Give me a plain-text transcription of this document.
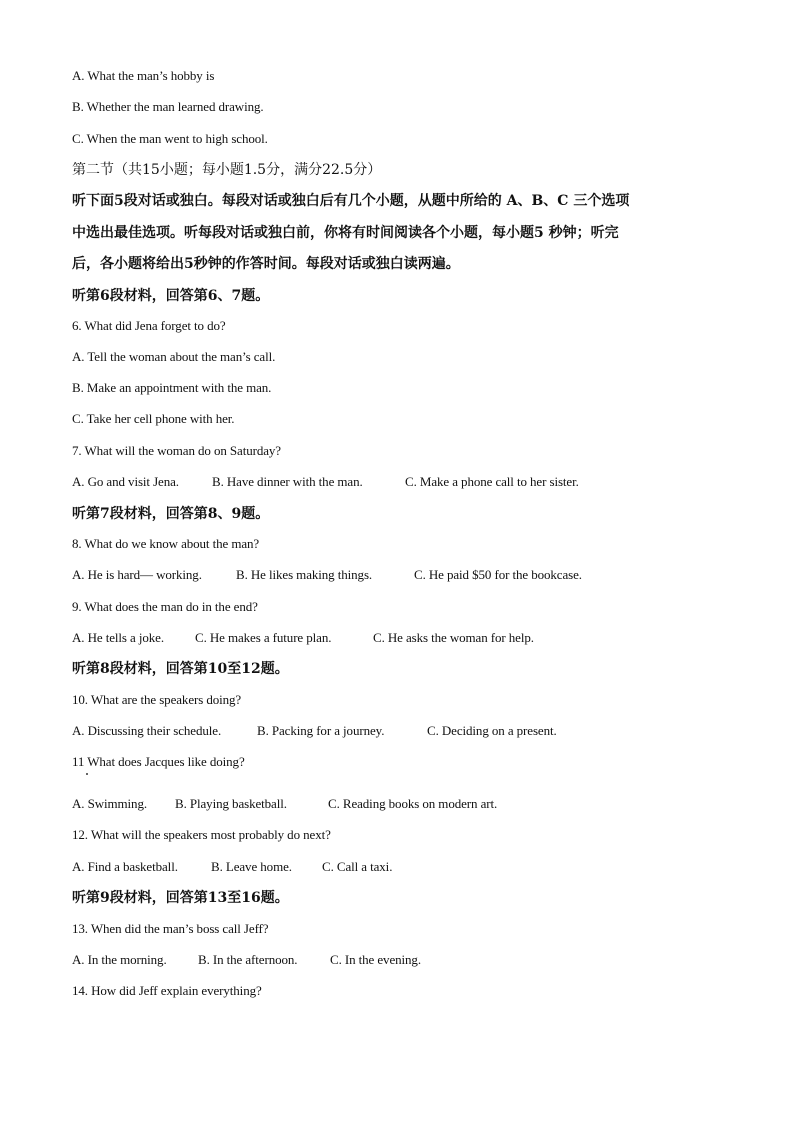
A. What the man’s hobby is
B. Whether the man learned drawing.
C. When the man went to high school.
第二节（共15小题；每小题1.5分，满分22.5分）
听下面5段对话或独白。每段对话或独白后有几个小题，从题中所给的 A、B、C 三个选项
中选出最佳选项。听每段对话或独白前，你将有时间阅读各个小题，每小题5 秒钟；听完
后，各小题将给出5秒钟的作答时间。每段对话或独白读两遍。
听第6段材料，回答第6、7题。
6. What did Jena forget to do?
A. Tell the woman about the man’s call.
B. Make an appointment with the man.
C. Take her cell phone with her.
7. What will the woman do on Saturday?
A. Go and visit Jena.	B. Have dinner with the man.	C. Make a phone call to her sister.
听第7段材料，回答第8、9题。
8. What do we know about the man?
A. He is hard— working.	B. He likes making things.	C. He paid $50 for the bookcase.
9. What does the man do in the end?
A. He tells a joke. C. He makes a future plan.	C. He asks the woman for help.
听第8段材料，回答第10至12题。
10. What are the speakers doing?
A. Discussing their schedule.	B. Packing for a journey.	C. Deciding on a present.
11 What does Jacques like doing?
A. Swimming. B. Playing basketball.	C. Reading books on modern art.
12. What will the speakers most probably do next?
A. Find a basketball.	B. Leave home. C. Call a taxi.
听第9段材料，回答第13至16题。
13. When did the man’s boss call Jeff?
A. In the morning. B. In the afternoon.	C. In the evening.
14. How did Jeff explain everything?
